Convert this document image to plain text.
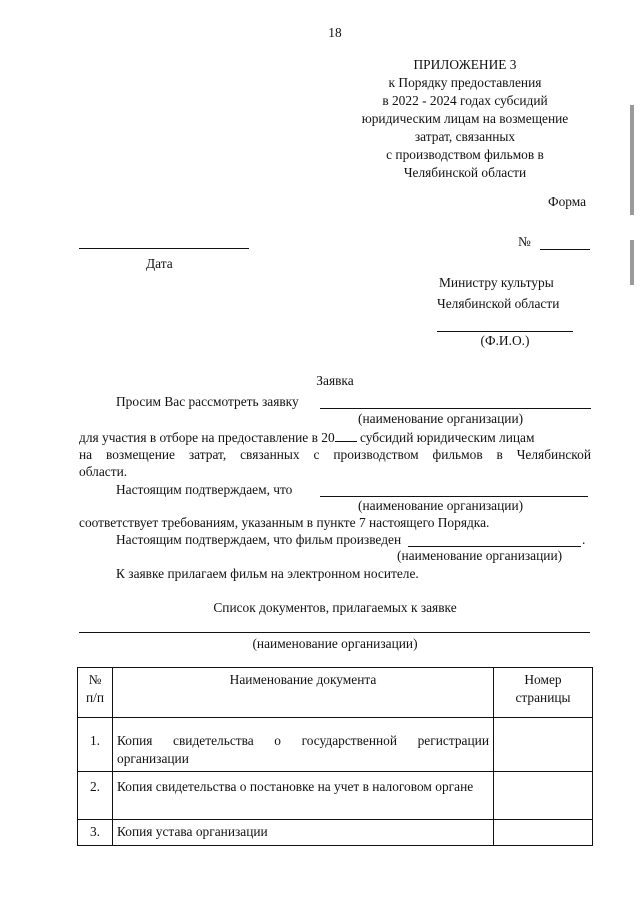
18
ПРИЛОЖЕНИЕ 3
к Порядку предоставления
в 2022 - 2024 годах субсидий
юридическим лицам на возмещение
затрат, связанных
с производством фильмов в
Челябинской области
Форма
№
Дата
Министру культуры
Челябинской области
(Ф.И.О.)
Заявка
Просим Вас рассмотреть заявку
(наименование организации)
для участия в отборе на предоставление в 20 субсидий юридическим лицам
на возмещение затрат, связанных с производством фильмов в Челябинской
области.
Настоящим подтверждаем, что
(наименование организации)
соответствует требованиям, указанным в пункте 7 настоящего Порядка.
Настоящим подтверждаем, что фильм произведен	.
(наименование организации)
К заявке прилагаем фильм на электронном носителе.
Список документов, прилагаемых к заявке
(наименование организации)
№ п/п	Наименование документа	Номер страницы
1.	Копия свидетельства о государственной регистрации организации	
2.	Копия свидетельства о постановке на учет в налоговом органе	
3.	Копия устава организации	
